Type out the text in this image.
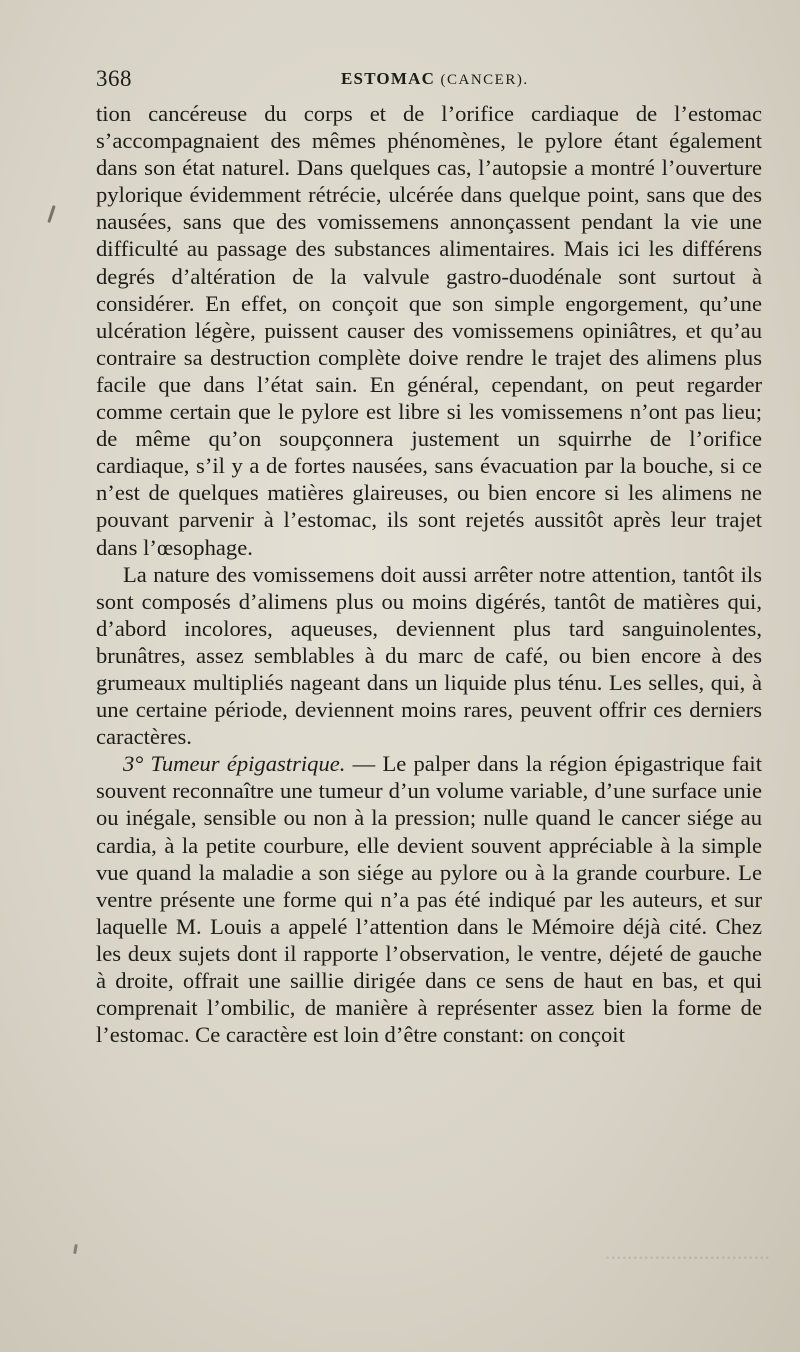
368	ESTOMAC (CANCER).

tion cancéreuse du corps et de l’orifice cardiaque de l’estomac s’accompagnaient des mêmes phénomènes, le pylore étant également dans son état naturel. Dans quelques cas, l’autopsie a montré l’ouverture pylorique évidemment rétrécie, ulcérée dans quelque point, sans que des nausées, sans que des vomissemens annonçassent pendant la vie une difficulté au passage des substances alimentaires. Mais ici les différens degrés d’altération de la valvule gastro-duodénale sont surtout à considérer. En effet, on conçoit que son simple engorgement, qu’une ulcération légère, puissent causer des vomissemens opiniâtres, et qu’au contraire sa destruction complète doive rendre le trajet des alimens plus facile que dans l’état sain. En général, cependant, on peut regarder comme certain que le pylore est libre si les vomissemens n’ont pas lieu; de même qu’on soupçonnera justement un squirrhe de l’orifice cardiaque, s’il y a de fortes nausées, sans évacuation par la bouche, si ce n’est de quelques matières glaireuses, ou bien encore si les alimens ne pouvant parvenir à l’estomac, ils sont rejetés aussitôt après leur trajet dans l’œsophage.

La nature des vomissemens doit aussi arrêter notre attention, tantôt ils sont composés d’alimens plus ou moins digérés, tantôt de matières qui, d’abord incolores, aqueuses, deviennent plus tard sanguinolentes, brunâtres, assez semblables à du marc de café, ou bien encore à des grumeaux multipliés nageant dans un liquide plus ténu. Les selles, qui, à une certaine période, deviennent moins rares, peuvent offrir ces derniers caractères.

3° Tumeur épigastrique. — Le palper dans la région épigastrique fait souvent reconnaître une tumeur d’un volume variable, d’une surface unie ou inégale, sensible ou non à la pression; nulle quand le cancer siége au cardia, à la petite courbure, elle devient souvent appréciable à la simple vue quand la maladie a son siége au pylore ou à la grande courbure. Le ventre présente une forme qui n’a pas été indiqué par les auteurs, et sur laquelle M. Louis a appelé l’attention dans le Mémoire déjà cité. Chez les deux sujets dont il rapporte l’observation, le ventre, déjeté de gauche à droite, offrait une saillie dirigée dans ce sens de haut en bas, et qui comprenait l’ombilic, de manière à représenter assez bien la forme de l’estomac. Ce caractère est loin d’être constant: on conçoit

..............................
